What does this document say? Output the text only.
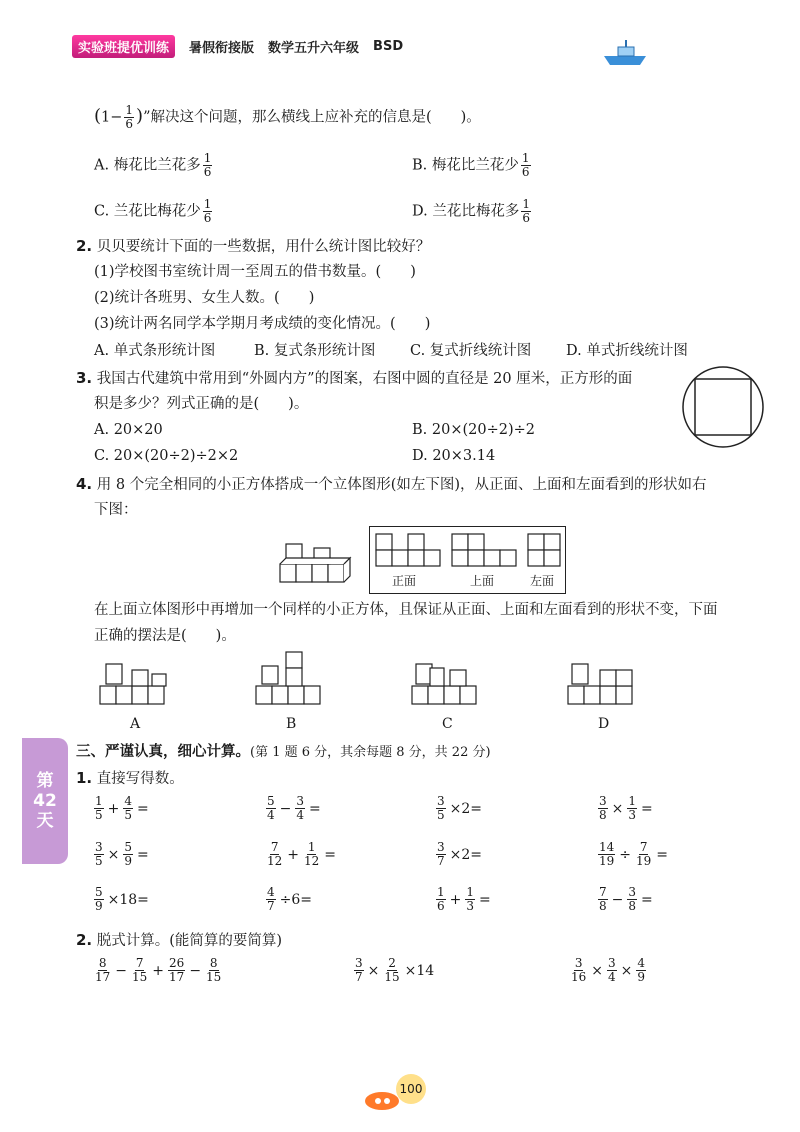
实验班提优训练	暑假衔接版 数学五升六年级 BSD
($1- \frac{1}{6}$ )”解决这个问题，那么横线上应补充的信息是(　　)。
A. 梅花比兰花多 $\frac{1}{6}$	B. 梅花比兰花少 $\frac{1}{6}$
C. 兰花比梅花少 $\frac{1}{6}$	D. 兰花比梅花多 $\frac{1}{6}$
2. 贝贝要统计下面的一些数据，用什么统计图比较好？
(1)学校图书室统计周一至周五的借书数量。(　　)
(2)统计各班男、女生人数。(　　)
(3)统计两名同学本学期月考成绩的变化情况。(　　)
A. 单式条形统计图	B. 复式条形统计图 C. 复式折线统计图 D. 单式折线统计图
3. 我国古代建筑中常用到“外圆内方”的图案，右图中圆的直径是 20 厘米，正方形的面
积是多少？列式正确的是(　　)。
A. 20×20	B. 20×(20÷2)÷2
C. 20×(20÷2)÷2×2	D. 20×3.14
4. 用 8 个完全相同的小正方体搭成一个立体图形(如左下图)，从正面、上面和左面看到的形状如右
下图：
正面	上面	左面
在上面立体图形中再增加一个同样的小正方体，且保证从正面、上面和左面看到的形状不变，下面
正确的摆法是(　　)。
A	B	C	D
第
42
天
三、严谨认真，细心计算。(第 1 题 6 分，其余每题 8 分，共 22 分)
1. 直接写得数。
$\frac{1}{5} + \frac{4}{5}$ =	$\frac{5}{4} - \frac{3}{4}$ =	$\frac{3}{5} \times 2=$	$\frac{3}{8} \times \frac{1}{3}$ =
$\frac{3}{5} \times \frac{5}{9}$ =	$\frac{7}{12} + \frac{1}{12}$ =	$\frac{3}{7} \times 2=$	$\frac{14}{19} \div \frac{7}{19}$ =
$\frac{5}{9} \times 18=$	$\frac{4}{7} \div 6=$	$\frac{1}{6} + \frac{1}{3}$ =	$\frac{7}{8} - \frac{3}{8}$ =
2. 脱式计算。(能简算的要简算)
$\frac{8}{17} - \frac{7}{15} + \frac{26}{17} - \frac{8}{15}$	$\frac{3}{7} \times \frac{2}{15} \times 14$	$\frac{3}{16} \times \frac{3}{4} \times \frac{4}{9}$
100
